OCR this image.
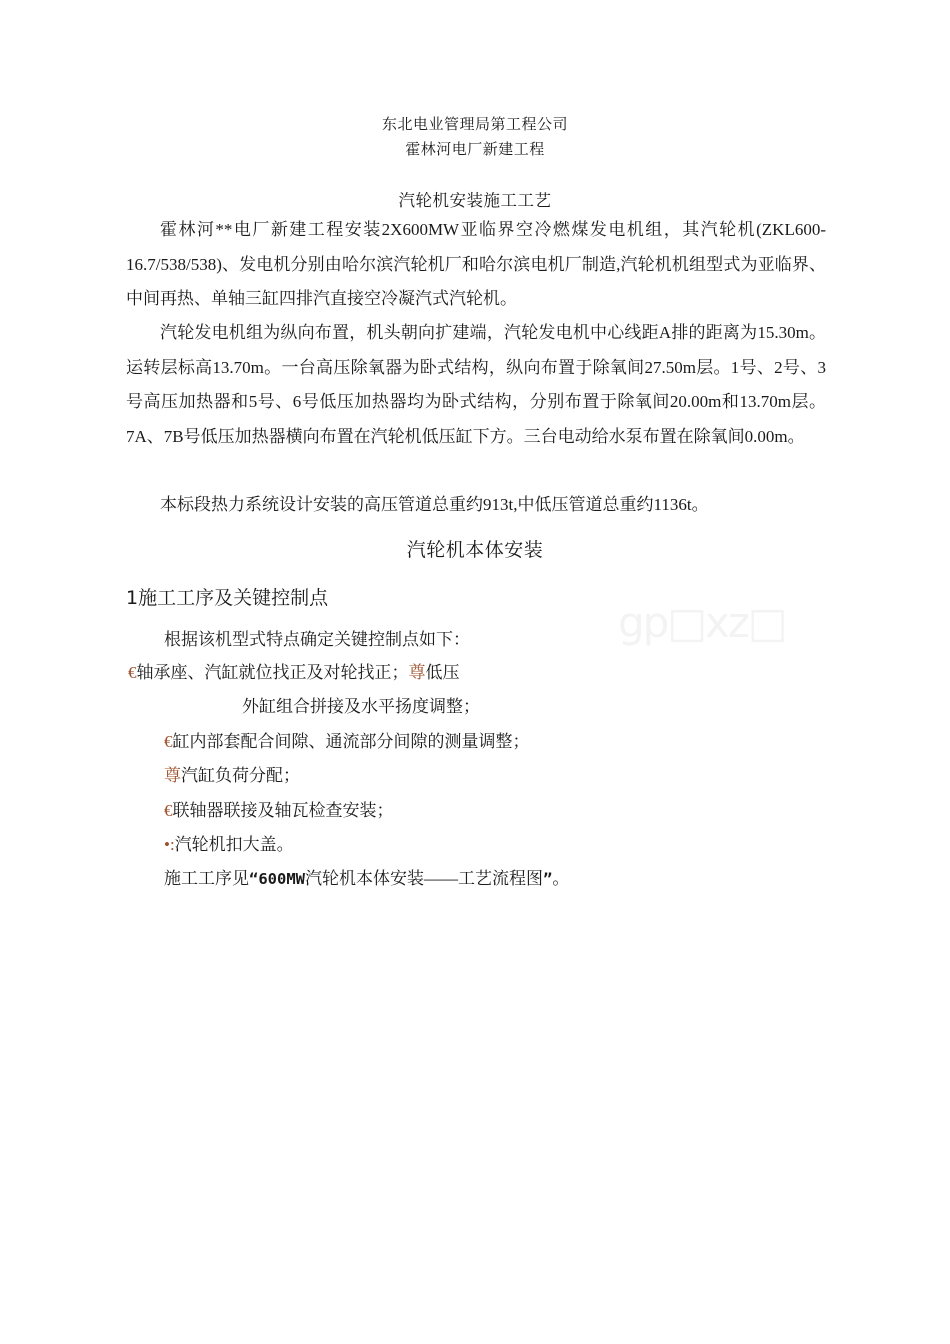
东北电业管理局第工程公司
霍林河电厂新建工程
汽轮机安装施工工艺

霍林河**电厂新建工程安装2X600MW亚临界空冷燃煤发电机组，其汽轮机(ZKL600-16.7/538/538)、发电机分别由哈尔滨汽轮机厂和哈尔滨电机厂制造,汽轮机机组型式为亚临界、中间再热、单轴三缸四排汽直接空冷凝汽式汽轮机。

汽轮发电机组为纵向布置，机头朝向扩建端，汽轮发电机中心线距A排的距离为15.30m。运转层标高13.70m。一台高压除氧器为卧式结构，纵向布置于除氧间27.50m层。1号、2号、3号高压加热器和5号、6号低压加热器均为卧式结构，分别布置于除氧间20.00m和13.70m层。7A、7B号低压加热器横向布置在汽轮机低压缸下方。三台电动给水泵布置在除氧间0.00m。

本标段热力系统设计安装的高压管道总重约913t,中低压管道总重约1136t。

汽轮机本体安装
1施工工序及关键控制点	gp□xz□
根据该机型式特点确定关键控制点如下：
€轴承座、汽缸就位找正及对轮找正；尊低压
外缸组合拼接及水平扬度调整；
€缸内部套配合间隙、通流部分间隙的测量调整；
尊汽缸负荷分配；
€联轴器联接及轴瓦检查安装；
•:汽轮机扣大盖。
施工工序见“600MW汽轮机本体安装——工艺流程图”。
